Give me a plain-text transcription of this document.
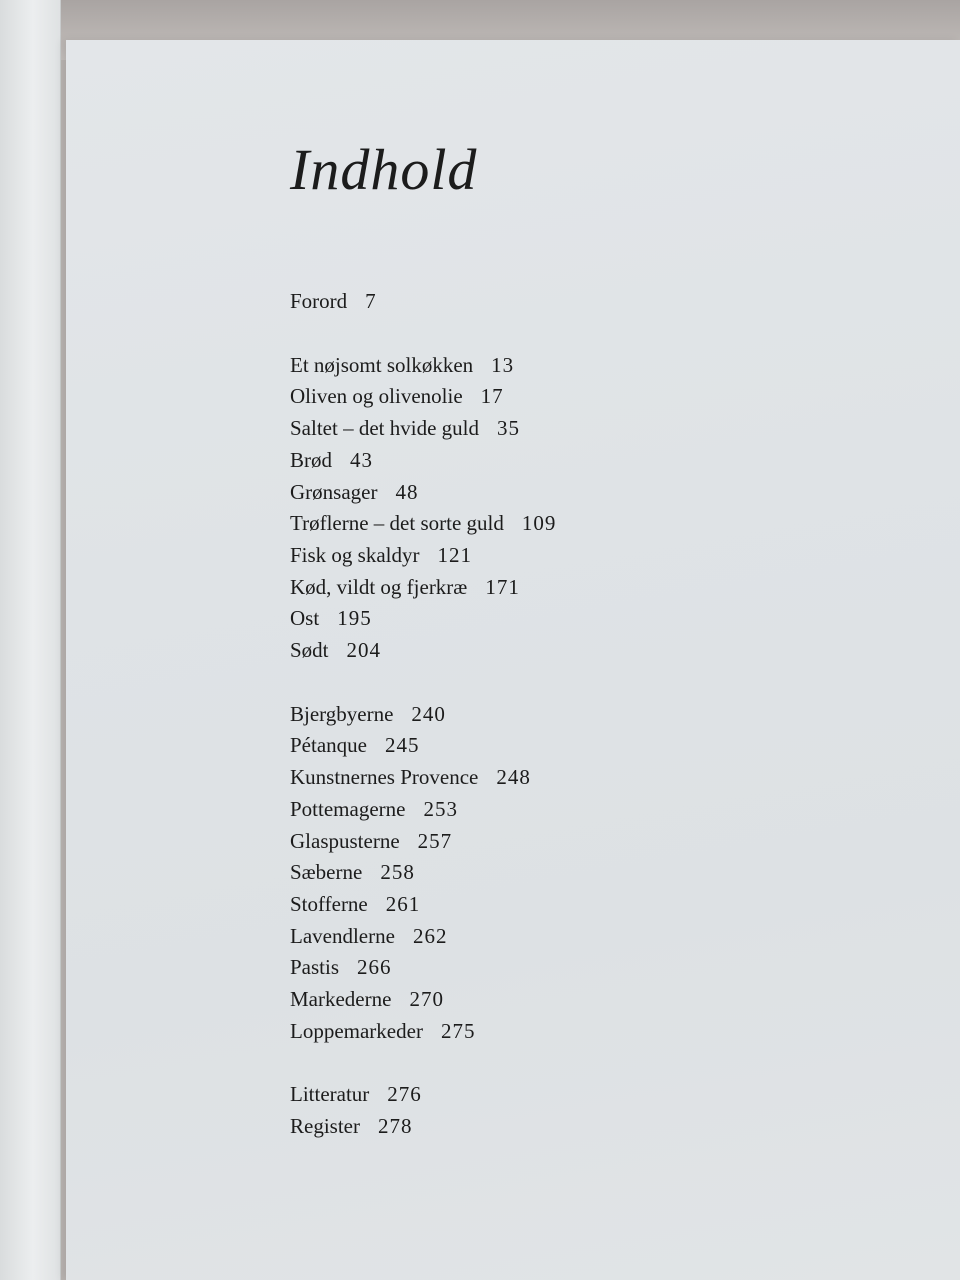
Indhold
Forord 7
Et nøjsomt solkøkken 13
Oliven og olivenolie 17
Saltet – det hvide guld 35
Brød 43
Grønsager 48
Trøflerne – det sorte guld 109
Fisk og skaldyr 121
Kød, vildt og fjerkræ 171
Ost 195
Sødt 204
Bjergbyerne 240
Pétanque 245
Kunstnernes Provence 248
Pottemagerne 253
Glaspusterne 257
Sæberne 258
Stofferne 261
Lavendlerne 262
Pastis 266
Markederne 270
Loppemarkeder 275
Litteratur 276
Register 278
